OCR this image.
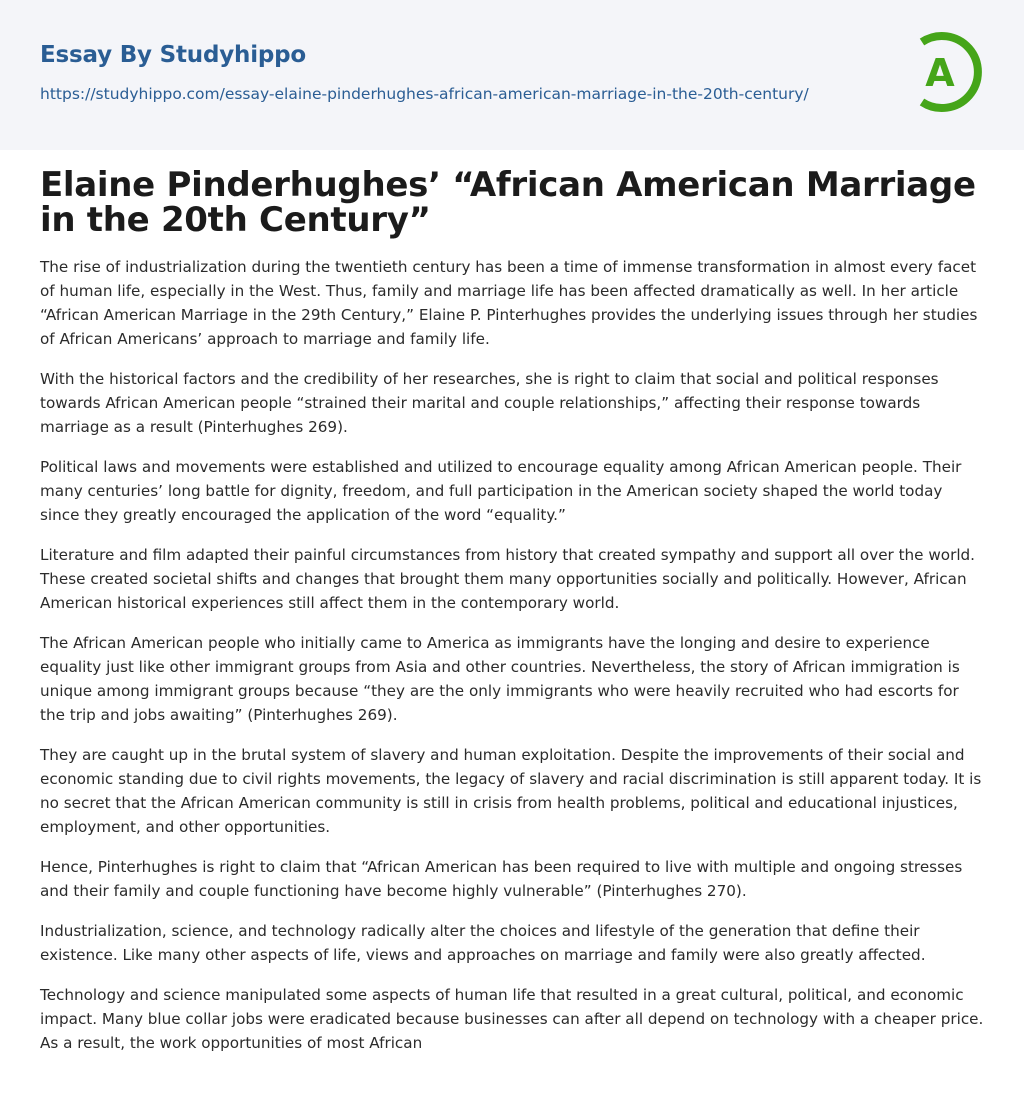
Essay By Studyhippo
https://studyhippo.com/essay-elaine-pinderhughes-african-american-marriage-in-the-20th-century/	A
Elaine Pinderhughes’ “African American Marriage in the 20th Century”

The rise of industrialization during the twentieth century has been a time of immense transformation in almost every facet of human life, especially in the West. Thus, family and marriage life has been affected dramatically as well. In her article “African American Marriage in the 29th Century,” Elaine P. Pinterhughes provides the underlying issues through her studies of African Americans’ approach to marriage and family life.

With the historical factors and the credibility of her researches, she is right to claim that social and political responses towards African American people “strained their marital and couple relationships,” affecting their response towards marriage as a result (Pinterhughes 269).

Political laws and movements were established and utilized to encourage equality among African American people. Their many centuries’ long battle for dignity, freedom, and full participation in the American society shaped the world today since they greatly encouraged the application of the word “equality.”

Literature and film adapted their painful circumstances from history that created sympathy and support all over the world. These created societal shifts and changes that brought them many opportunities socially and politically. However, African American historical experiences still affect them in the contemporary world.

The African American people who initially came to America as immigrants have the longing and desire to experience equality just like other immigrant groups from Asia and other countries. Nevertheless, the story of African immigration is unique among immigrant groups because “they are the only immigrants who were heavily recruited who had escorts for the trip and jobs awaiting” (Pinterhughes 269).

They are caught up in the brutal system of slavery and human exploitation. Despite the improvements of their social and economic standing due to civil rights movements, the legacy of slavery and racial discrimination is still apparent today. It is no secret that the African American community is still in crisis from health problems, political and educational injustices, employment, and other opportunities.

Hence, Pinterhughes is right to claim that “African American has been required to live with multiple and ongoing stresses and their family and couple functioning have become highly vulnerable” (Pinterhughes 270).

Industrialization, science, and technology radically alter the choices and lifestyle of the generation that define their existence. Like many other aspects of life, views and approaches on marriage and family were also greatly affected.

Technology and science manipulated some aspects of human life that resulted in a great cultural, political, and economic impact. Many blue collar jobs were eradicated because businesses can after all depend on technology with a cheaper price. As a result, the work opportunities of most African
